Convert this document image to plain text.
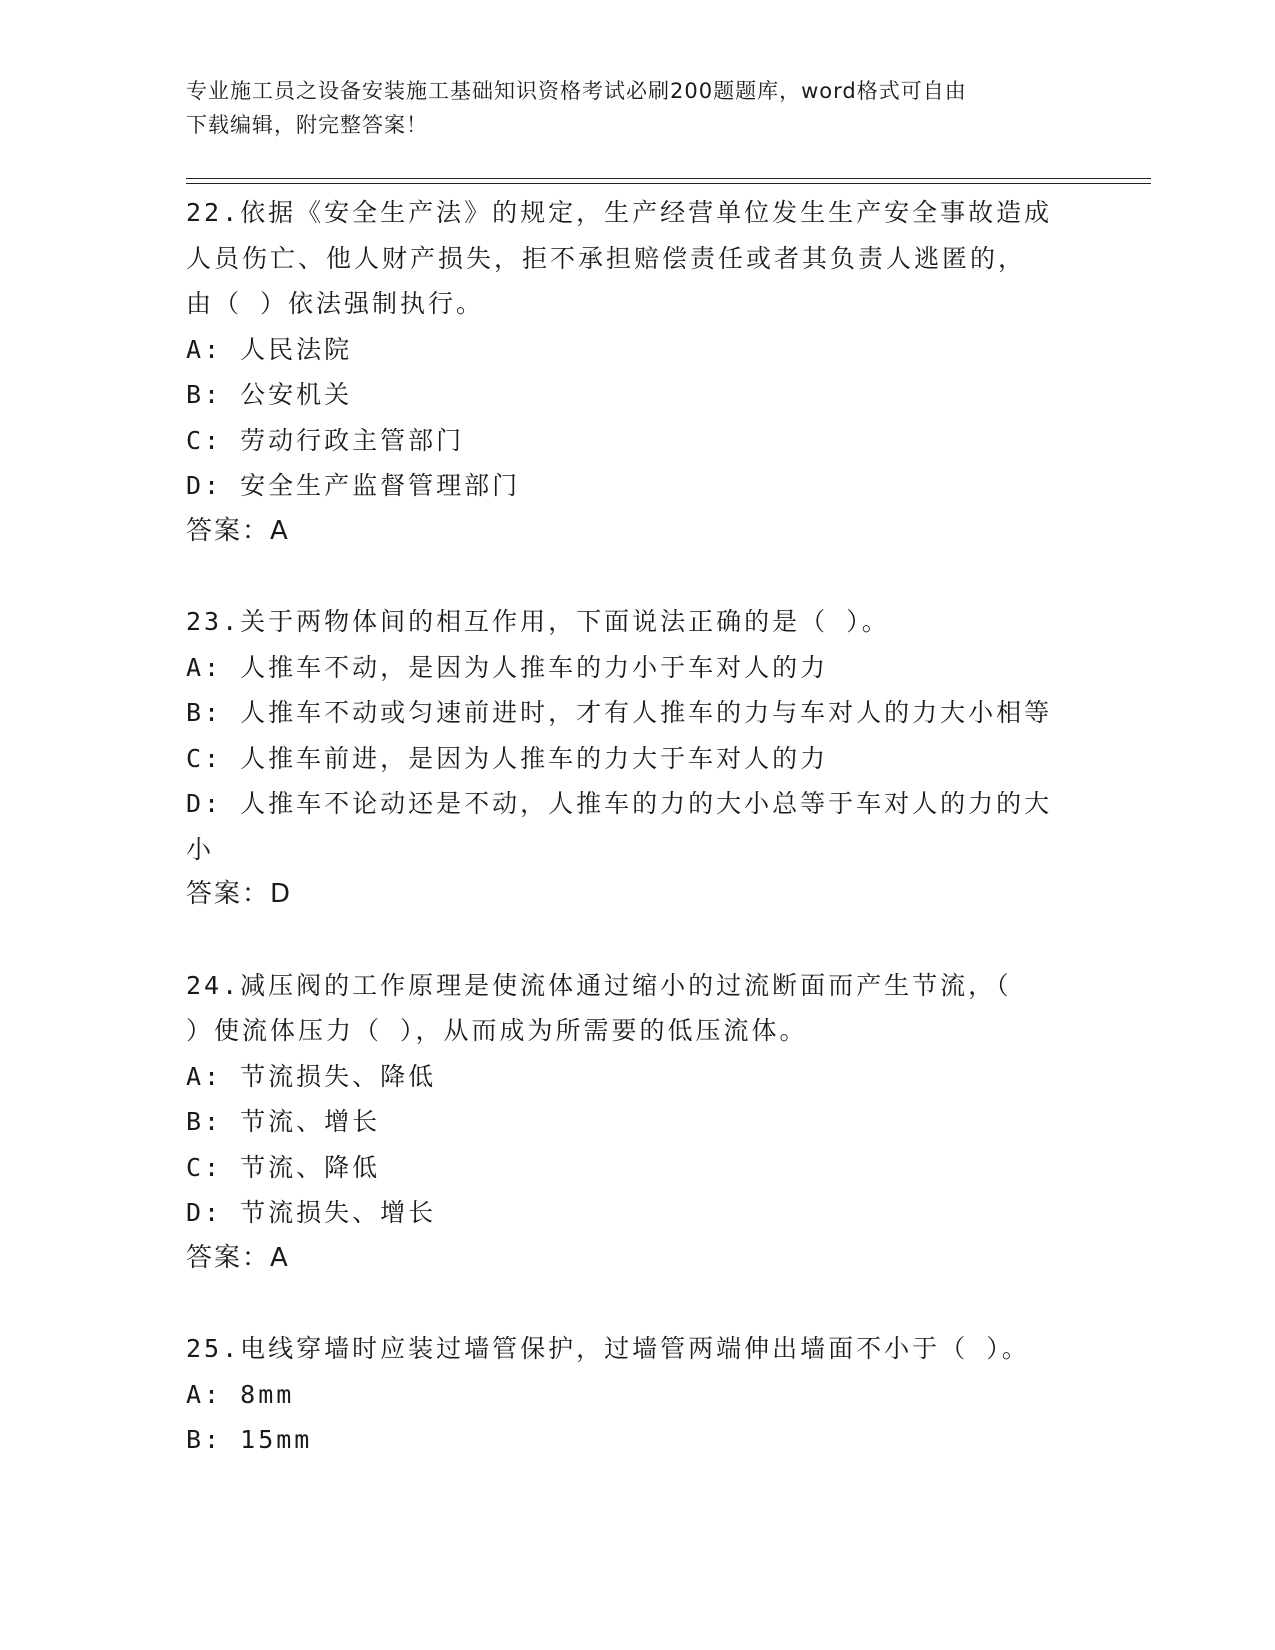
专业施工员之设备安装施工基础知识资格考试必刷200题题库，word格式可自由
下载编辑，附完整答案！
22.依据《安全生产法》的规定，生产经营单位发生生产安全事故造成
人员伤亡、他人财产损失，拒不承担赔偿责任或者其负责人逃匿的，
由（ ）依法强制执行。
A: 人民法院
B: 公安机关
C: 劳动行政主管部门
D: 安全生产监督管理部门
答案：A
23.关于两物体间的相互作用，下面说法正确的是（ ）。
A: 人推车不动，是因为人推车的力小于车对人的力
B: 人推车不动或匀速前进时，才有人推车的力与车对人的力大小相等
C: 人推车前进，是因为人推车的力大于车对人的力
D: 人推车不论动还是不动，人推车的力的大小总等于车对人的力的大
小
答案：D
24.减压阀的工作原理是使流体通过缩小的过流断面而产生节流，（
）使流体压力（ ），从而成为所需要的低压流体。
A: 节流损失、降低
B: 节流、增长
C: 节流、降低
D: 节流损失、增长
答案：A
25.电线穿墙时应装过墙管保护，过墙管两端伸出墙面不小于（ ）。
A: 8mm
B: 15mm
